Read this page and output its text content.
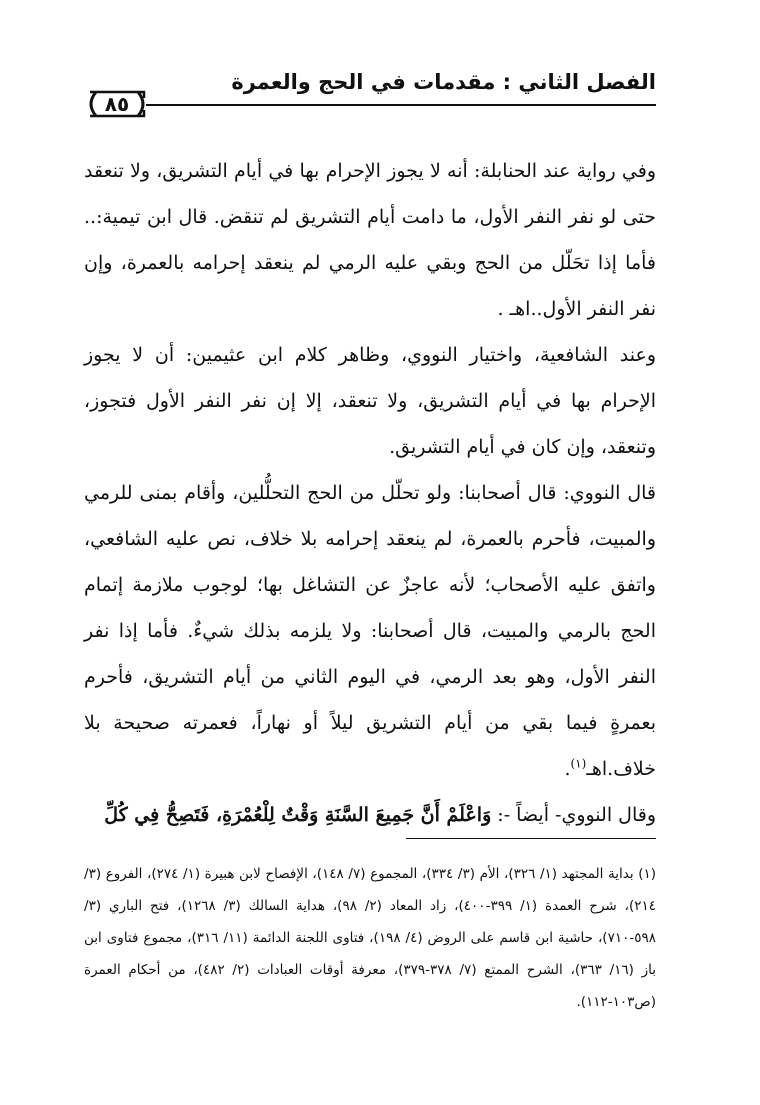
الفصل الثاني : مقدمات في الحج والعمرة
٨٥

وفي رواية عند الحنابلة: أنه لا يجوز الإحرام بها في أيام التشريق، ولا تنعقد حتى لو نفر النفر الأول، ما دامت أيام التشريق لم تنقض. قال ابن تيمية:.. فأما إذا تحَلّل من الحج وبقي عليه الرمي لم ينعقد إحرامه بالعمرة، وإن نفر النفر الأول..اهـ .

وعند الشافعية، واختيار النووي، وظاهر كلام ابن عثيمين: أن لا يجوز الإحرام بها في أيام التشريق، ولا تنعقد، إلا إن نفر النفر الأول فتجوز، وتنعقد، وإن كان في أيام التشريق.

قال النووي: قال أصحابنا: ولو تحلّل من الحج التحلُّلين، وأقام بمنى للرمي والمبيت، فأحرم بالعمرة، لم ينعقد إحرامه بلا خلاف، نص عليه الشافعي، واتفق عليه الأصحاب؛ لأنه عاجزٌ عن التشاغل بها؛ لوجوب ملازمة إتمام الحج بالرمي والمبيت، قال أصحابنا: ولا يلزمه بذلك شيءٌ. فأما إذا نفر النفر الأول، وهو بعد الرمي، في اليوم الثاني من أيام التشريق، فأحرم بعمرةٍ فيما بقي من أيام التشريق ليلاً أو نهاراً، فعمرته صحيحة بلا خلاف.اهـ$^{(١)}$.

وقال النووي- أيضاً -: وَاعْلَمْ أَنَّ جَمِيعَ السَّنَةِ وَقْتٌ لِلْعُمْرَةِ، فَتَصِحُّ فِي كُلِّ

(١) بداية المجتهد (١/ ٣٢٦)، الأم (٣/ ٣٣٤)، المجموع (٧/ ١٤٨)، الإفصاح لابن هبيرة (١/ ٢٧٤)، الفروع (٣/ ٢١٤)، شرح العمدة (١/ ٣٩٩-٤٠٠)، زاد المعاد (٢/ ٩٨)، هداية السالك (٣/ ١٢٦٨)، فتح الباري (٣/ ٥٩٨-٧١٠)، حاشية ابن قاسم على الروض (٤/ ١٩٨)، فتاوى اللجنة الدائمة (١١/ ٣١٦)، مجموع فتاوى ابن باز (١٦/ ٣٦٣)، الشرح الممتع (٧/ ٣٧٨-٣٧٩)، معرفة أوقات العبادات (٢/ ٤٨٢)، من أحكام العمرة (ص١٠٣-١١٢).
